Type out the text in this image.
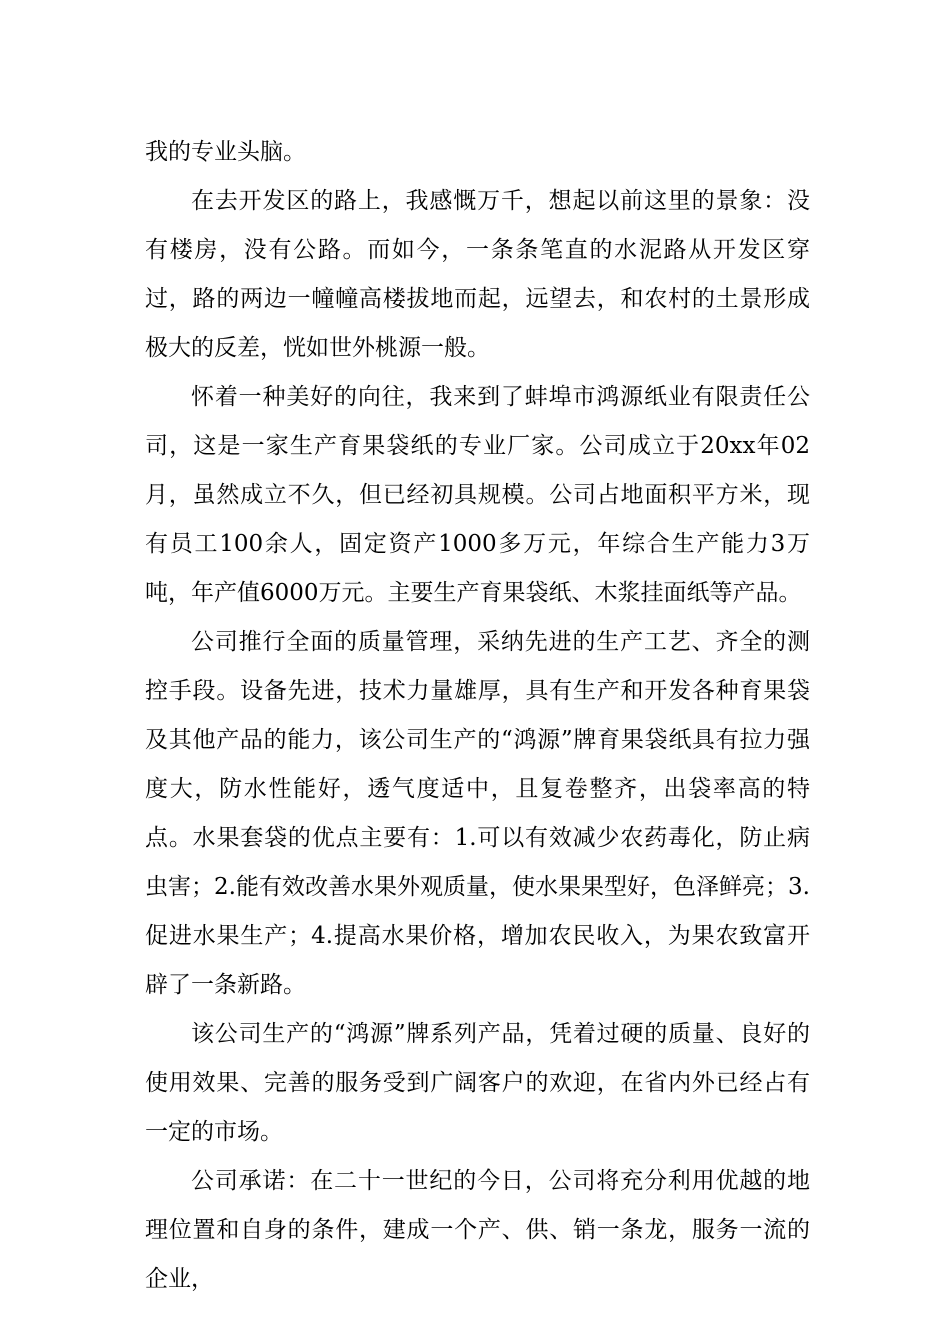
我的专业头脑。

在去开发区的路上，我感慨万千，想起以前这里的景象：没有楼房，没有公路。而如今，一条条笔直的水泥路从开发区穿过，路的两边一幢幢高楼拔地而起，远望去，和农村的土景形成极大的反差，恍如世外桃源一般。

怀着一种美好的向往，我来到了蚌埠市鸿源纸业有限责任公司，这是一家生产育果袋纸的专业厂家。公司成立于20xx年02月，虽然成立不久，但已经初具规模。公司占地面积平方米，现有员工100余人，固定资产1000多万元，年综合生产能力3万吨，年产值6000万元。主要生产育果袋纸、木浆挂面纸等产品。

公司推行全面的质量管理，采纳先进的生产工艺、齐全的测控手段。设备先进，技术力量雄厚，具有生产和开发各种育果袋及其他产品的能力，该公司生产的“鸿源”牌育果袋纸具有拉力强度大，防水性能好，透气度适中，且复卷整齐，出袋率高的特点。水果套袋的优点主要有：1.可以有效减少农药毒化，防止病虫害；2.能有效改善水果外观质量，使水果果型好，色泽鲜亮；3.促进水果生产；4.提高水果价格，增加农民收入，为果农致富开辟了一条新路。

该公司生产的“鸿源”牌系列产品，凭着过硬的质量、良好的使用效果、完善的服务受到广阔客户的欢迎，在省内外已经占有一定的市场。

公司承诺：在二十一世纪的今日，公司将充分利用优越的地理位置和自身的条件，建成一个产、供、销一条龙，服务一流的企业，
